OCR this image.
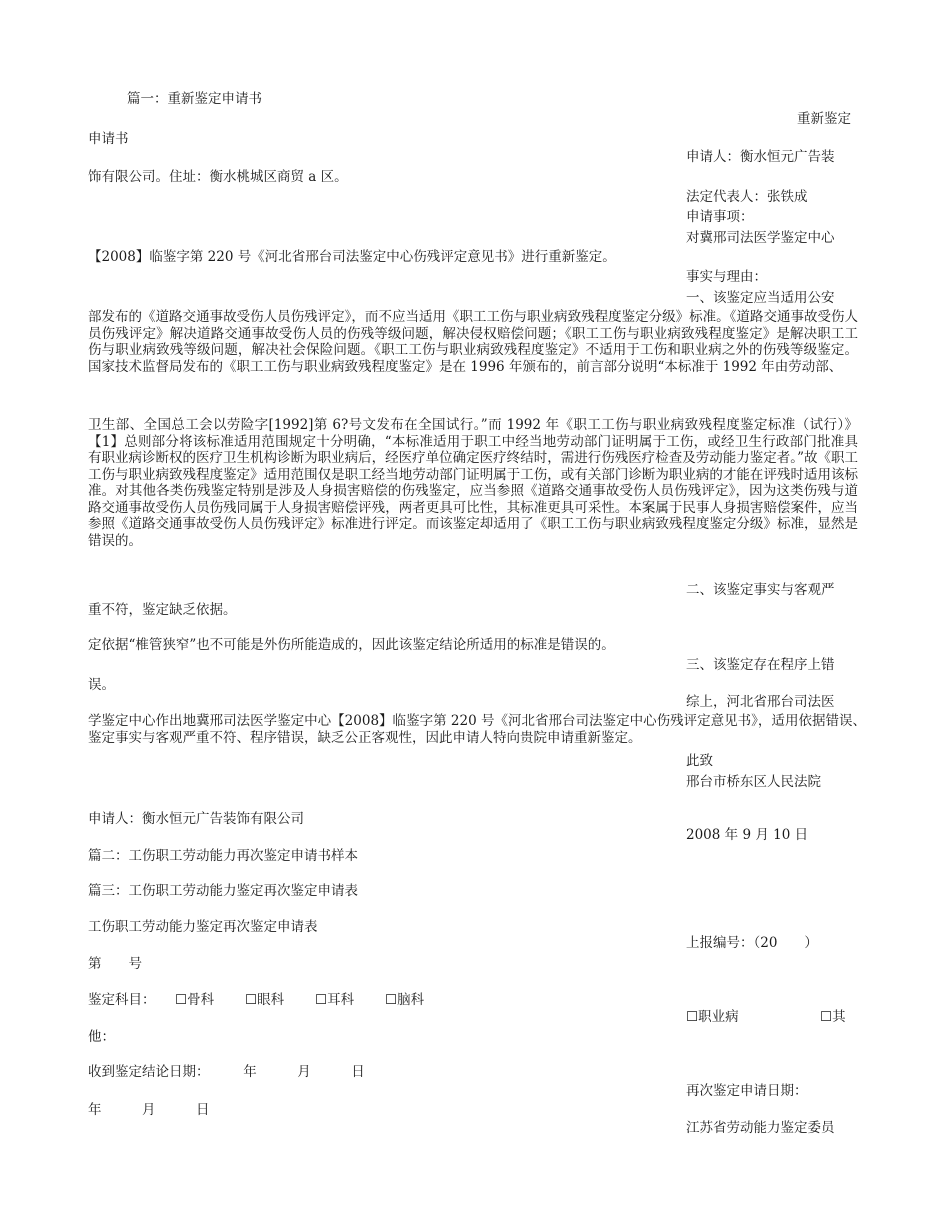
篇一：重新鉴定申请书
重新鉴定
申请书
申请人：衡水恒元广告装
饰有限公司。住址：衡水桃城区商贸 a 区。
法定代表人：张铁成
申请事项：
对冀邢司法医学鉴定中心
【2008】临鉴字第 220 号《河北省邢台司法鉴定中心伤残评定意见书》进行重新鉴定。
事实与理由：
一、该鉴定应当适用公安
部发布的《道路交通事故受伤人员伤残评定》，而不应当适用《职工工伤与职业病致残程度鉴定分级》标准。《道路交通事故受伤人员伤残评定》解决道路交通事故受伤人员的伤残等级问题，解决侵权赔偿问题；《职工工伤与职业病致残程度鉴定》是解决职工工伤与职业病致残等级问题，解决社会保险问题。《职工工伤与职业病致残程度鉴定》不适用于工伤和职业病之外的伤残等级鉴定。国家技术监督局发布的《职工工伤与职业病致残程度鉴定》是在 1996 年颁布的，前言部分说明“本标准于 1992 年由劳动部、
卫生部、全国总工会以劳险字[1992]第 6?号文发布在全国试行。”而 1992 年《职工工伤与职业病致残程度鉴定标准（试行）》【1】总则部分将该标准适用范围规定十分明确，“本标准适用于职工中经当地劳动部门证明属于工伤，或经卫生行政部门批准具有职业病诊断权的医疗卫生机构诊断为职业病后，经医疗单位确定医疗终结时，需进行伤残医疗检查及劳动能力鉴定者。”故《职工工伤与职业病致残程度鉴定》适用范围仅是职工经当地劳动部门证明属于工伤，或有关部门诊断为职业病的才能在评残时适用该标准。对其他各类伤残鉴定特别是涉及人身损害赔偿的伤残鉴定，应当参照《道路交通事故受伤人员伤残评定》，因为这类伤残与道路交通事故受伤人员伤残同属于人身损害赔偿评残，两者更具可比性，其标准更具可采性。本案属于民事人身损害赔偿案件，应当参照《道路交通事故受伤人员伤残评定》标准进行评定。而该鉴定却适用了《职工工伤与职业病致残程度鉴定分级》标准，显然是错误的。
二、该鉴定事实与客观严
重不符，鉴定缺乏依据。
定依据“椎管狭窄”也不可能是外伤所能造成的，因此该鉴定结论所适用的标准是错误的。
三、该鉴定存在程序上错
误。
综上，河北省邢台司法医
学鉴定中心作出地冀邢司法医学鉴定中心【2008】临鉴字第 220 号《河北省邢台司法鉴定中心伤残评定意见书》，适用依据错误、鉴定事实与客观严重不符、程序错误，缺乏公正客观性，因此申请人特向贵院申请重新鉴定。
此致
邢台市桥东区人民法院
申请人：衡水恒元广告装饰有限公司
2008 年 9 月 10 日
篇二：工伤职工劳动能力再次鉴定申请书样本
篇三：工伤职工劳动能力鉴定再次鉴定申请表
工伤职工劳动能力鉴定再次鉴定申请表
上报编号：（20　　）
第　　号
鉴定科目： ☐骨科 ☐眼科 ☐耳科 ☐脑科
☐职业病	☐其
他：
收到鉴定结论日期：　　　年　　　月　　　日
再次鉴定申请日期：
年　　　月　　　日
江苏省劳动能力鉴定委员
